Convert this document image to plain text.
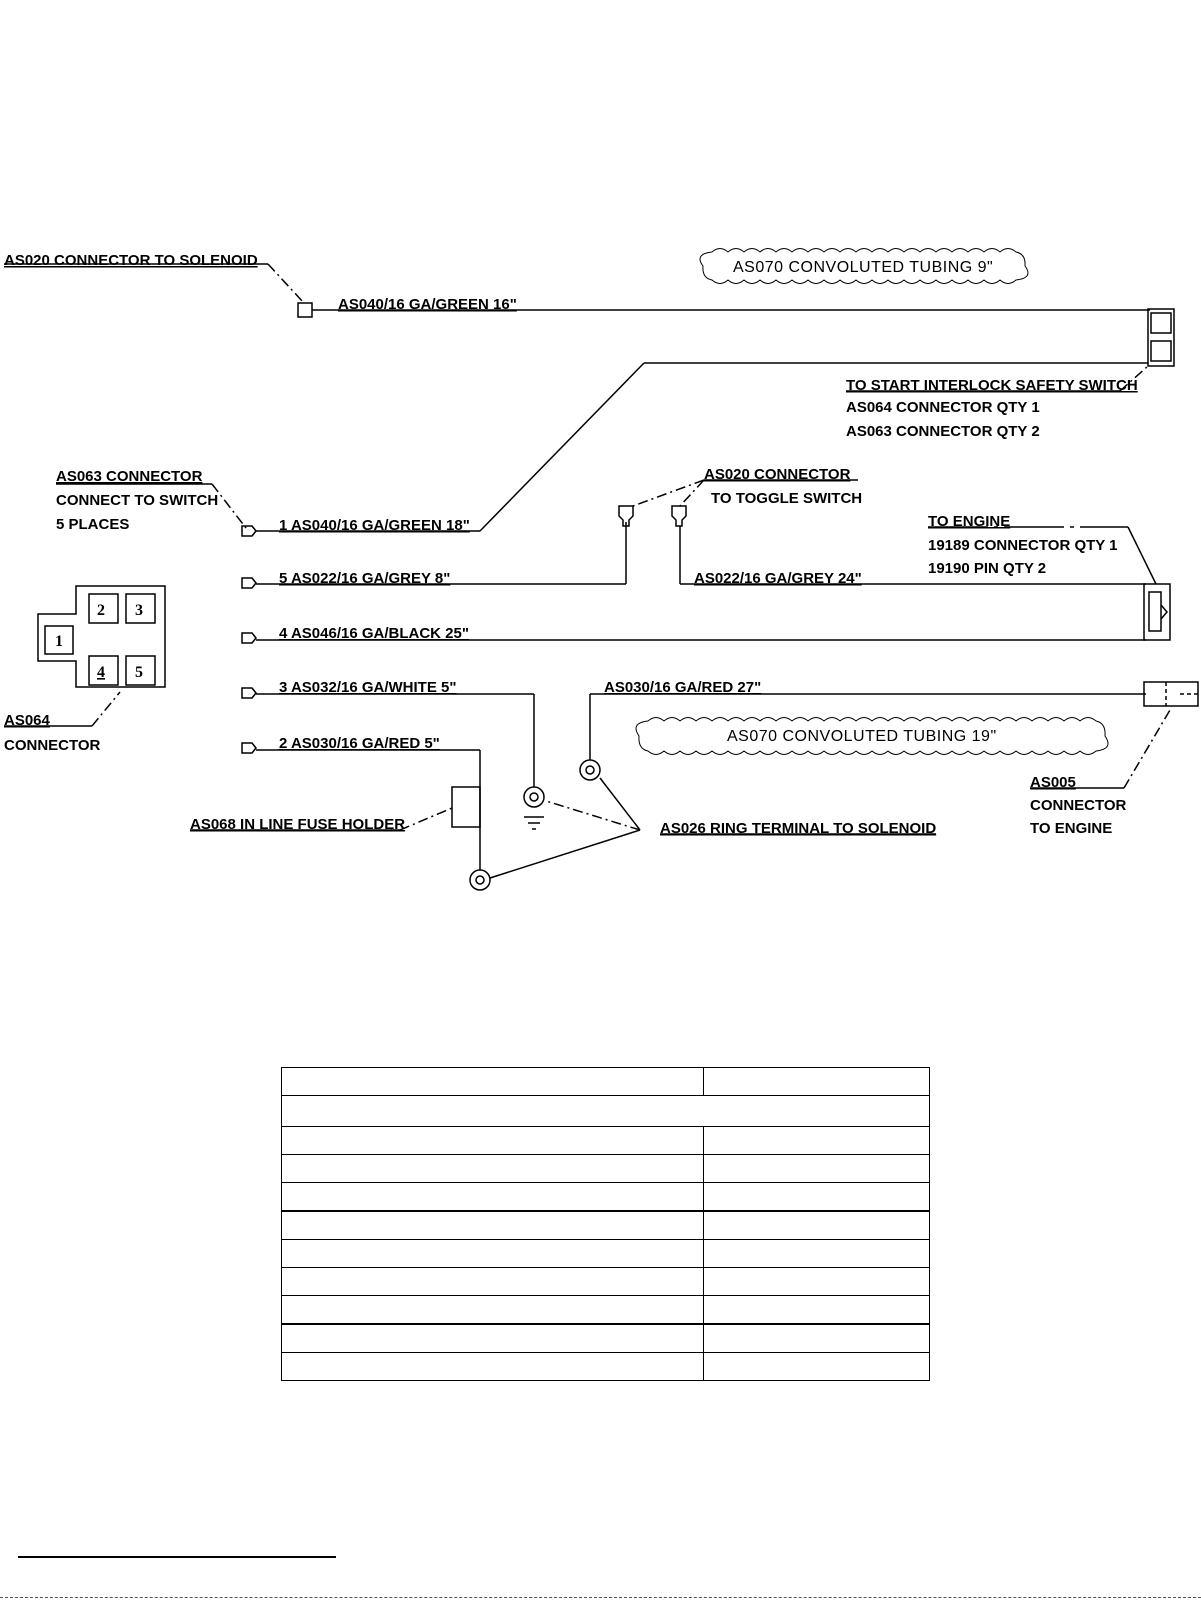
AS020 CONNECTOR TO SOLENOID	AS070 CONVOLUTED TUBING 9"
AS040/16 GA/GREEN 16"
TO START INTERLOCK SAFETY SWITCH
AS064 CONNECTOR QTY 1
AS063 CONNECTOR QTY 2
AS063 CONNECTOR
CONNECT TO SWITCH
5 PLACES
AS020 CONNECTOR
TO TOGGLE SWITCH
TO ENGINE
19189 CONNECTOR QTY 1
19190 PIN QTY 2
1 AS040/16 GA/GREEN 18"
5 AS022/16 GA/GREY 8"	AS022/16 GA/GREY 24"
4 AS046/16 GA/BLACK 25"
3 AS032/16 GA/WHITE 5"	AS030/16 GA/RED 27"
2 AS030/16 GA/RED 5"
2 3
1
4 5
AS064
CONNECTOR
AS070 CONVOLUTED TUBING 19"
AS005
CONNECTOR
TO ENGINE
AS068 IN LINE FUSE HOLDER	AS026 RING TERMINAL TO SOLENOID
